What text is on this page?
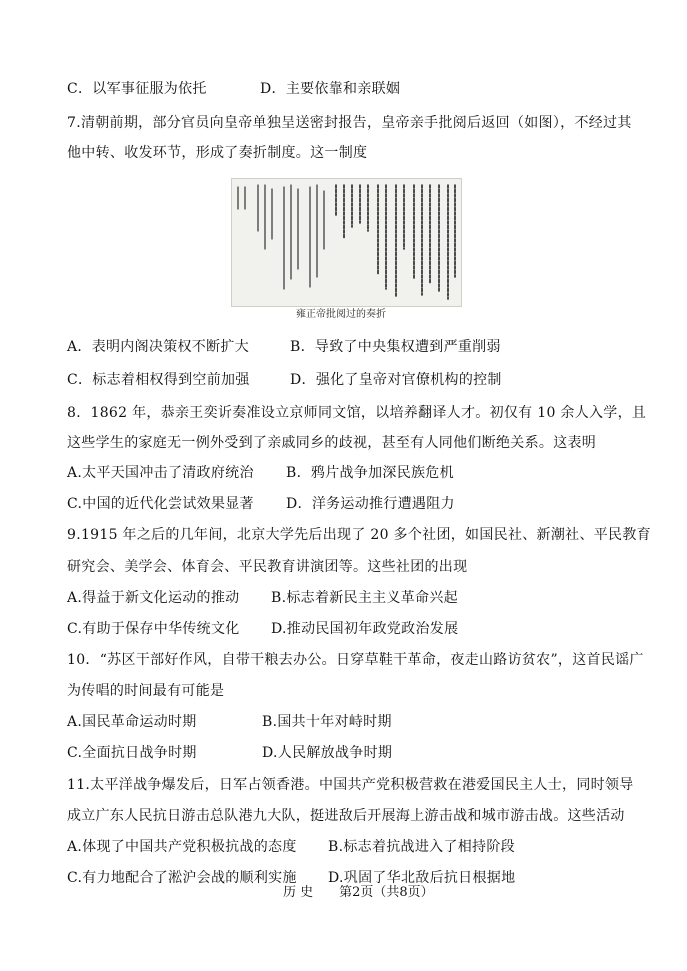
C．以军事征服为依托	D．主要依靠和亲联姻
7.清朝前期，部分官员向皇帝单独呈送密封报告，皇帝亲手批阅后返回（如图），不经过其
他中转、收发环节，形成了奏折制度。这一制度
雍正帝批阅过的奏折
A．表明内阁决策权不断扩大	B．导致了中央集权遭到严重削弱
C．标志着相权得到空前加强	D．强化了皇帝对官僚机构的控制
8．1862 年，恭亲王奕䜣奏准设立京师同文馆，以培养翻译人才。初仅有 10 余人入学，且
这些学生的家庭无一例外受到了亲戚同乡的歧视，甚至有人同他们断绝关系。这表明
A.太平天国冲击了清政府统治 B．鸦片战争加深民族危机
C.中国的近代化尝试效果显著 D．洋务运动推行遭遇阻力
9.1915 年之后的几年间，北京大学先后出现了 20 多个社团，如国民社、新潮社、平民教育
研究会、美学会、体育会、平民教育讲演团等。这些社团的出现
A.得益于新文化运动的推动 B.标志着新民主主义革命兴起
C.有助于保存中华传统文化 D.推动民国初年政党政治发展
10．“苏区干部好作风，自带干粮去办公。日穿草鞋干革命，夜走山路访贫农”，这首民谣广
为传唱的时间最有可能是
A.国民革命运动时期	B.国共十年对峙时期
C.全面抗日战争时期	D.人民解放战争时期
11.太平洋战争爆发后，日军占领香港。中国共产党积极营救在港爱国民主人士，同时领导
成立广东人民抗日游击总队港九大队，挺进敌后开展海上游击战和城市游击战。这些活动
A.体现了中国共产党积极抗战的态度 B.标志着抗战进入了相持阶段
C.有力地配合了淞沪会战的顺利实施 D.巩固了华北敌后抗日根据地
历 史　　第2页（共8页）
